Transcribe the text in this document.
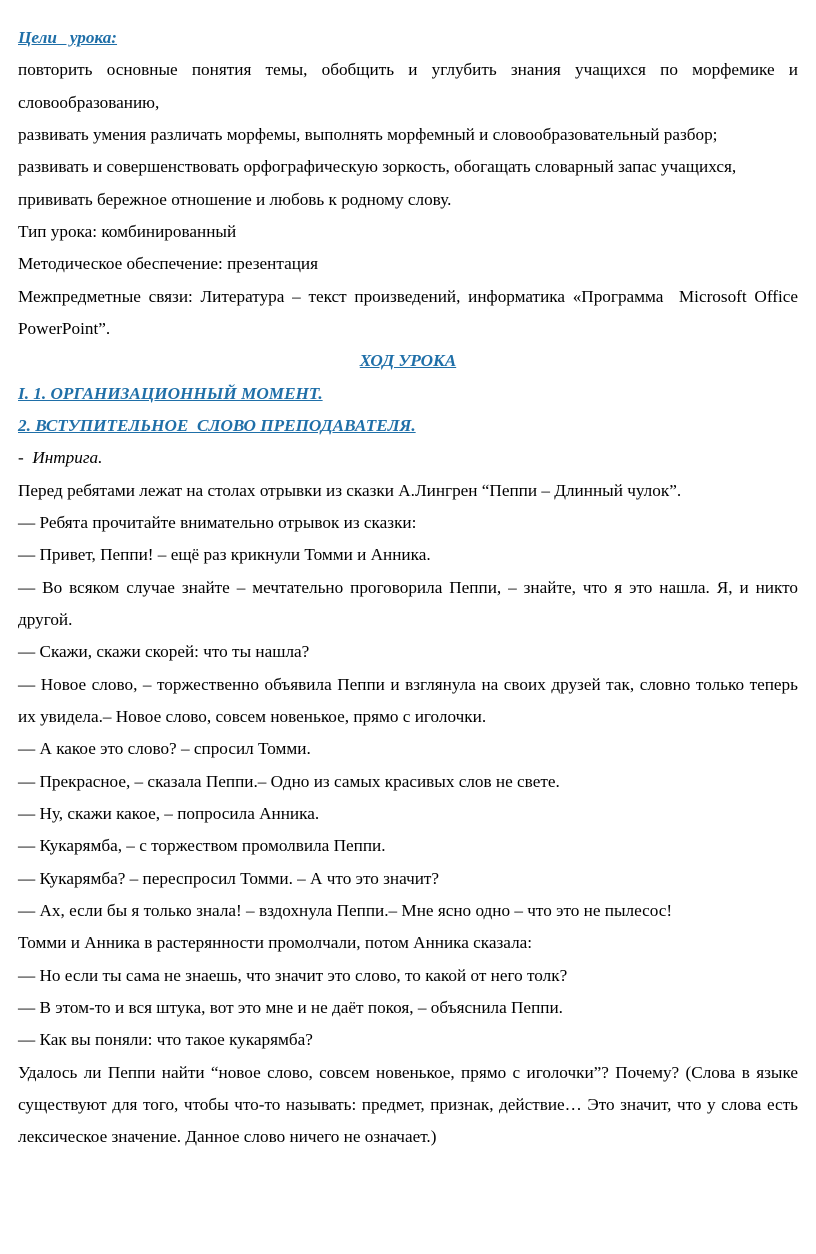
Цели   урока:
повторить основные понятия темы, обобщить и углубить знания учащихся по морфемике и словообразованию,
развивать умения различать морфемы, выполнять морфемный и словообразовательный разбор;
развивать и совершенствовать орфографическую зоркость, обогащать словарный запас учащихся,
прививать бережное отношение и любовь к родному слову.
Тип урока: комбинированный
Методическое обеспечение: презентация
Межпредметные связи: Литература – текст произведений, информатика «Программа  Microsoft Office PowerPoint”.
ХОД УРОКА
I. 1. ОРГАНИЗАЦИОННЫЙ МОМЕНТ.
2. ВСТУПИТЕЛЬНОЕ  СЛОВО ПРЕПОДАВАТЕЛЯ.
-  Интрига.
Перед ребятами лежат на столах отрывки из сказки А.Лингрен “Пеппи – Длинный чулок”.
— Ребята прочитайте внимательно отрывок из сказки:
— Привет, Пеппи! – ещё раз крикнули Томми и Анника.
— Во всяком случае знайте – мечтательно проговорила Пеппи, – знайте, что я это нашла. Я, и никто другой.
— Скажи, скажи скорей: что ты нашла?
— Новое слово, – торжественно объявила Пеппи и взглянула на своих друзей так, словно только теперь их увидела.– Новое слово, совсем новенькое, прямо с иголочки.
— А какое это слово? – спросил Томми.
— Прекрасное, – сказала Пеппи.– Одно из самых красивых слов не свете.
— Ну, скажи какое, – попросила Анника.
— Кукарямба, – с торжеством промолвила Пеппи.
— Кукарямба? – переспросил Томми. – А что это значит?
— Ах, если бы я только знала! – вздохнула Пеппи.– Мне ясно одно – что это не пылесос!
Томми и Анника в растерянности промолчали, потом Анника сказала:
— Но если ты сама не знаешь, что значит это слово, то какой от него толк?
— В этом-то и вся штука, вот это мне и не даёт покоя, – объяснила Пеппи.
— Как вы поняли: что такое кукарямба?
Удалось ли Пеппи найти “новое слово, совсем новенькое, прямо с иголочки”? Почему? (Слова в языке существуют для того, чтобы что-то называть: предмет, признак, действие… Это значит, что у слова есть лексическое значение. Данное слово ничего не означает.)
